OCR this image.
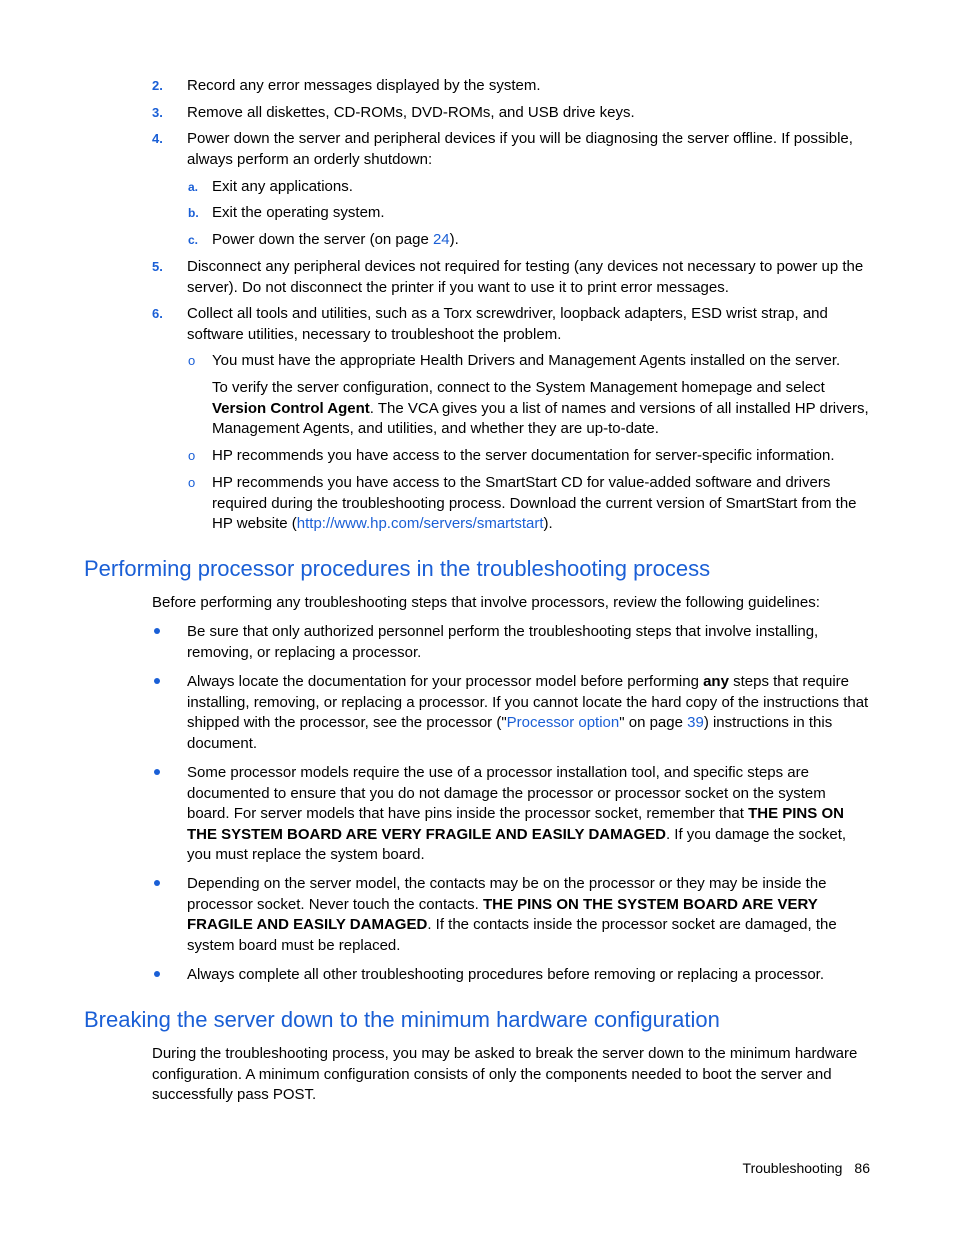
2. Record any error messages displayed by the system.
3. Remove all diskettes, CD-ROMs, DVD-ROMs, and USB drive keys.
4. Power down the server and peripheral devices if you will be diagnosing the server offline. If possible, always perform an orderly shutdown:
a. Exit any applications.
b. Exit the operating system.
c. Power down the server (on page 24).
5. Disconnect any peripheral devices not required for testing (any devices not necessary to power up the server). Do not disconnect the printer if you want to use it to print error messages.
6. Collect all tools and utilities, such as a Torx screwdriver, loopback adapters, ESD wrist strap, and software utilities, necessary to troubleshoot the problem.
o You must have the appropriate Health Drivers and Management Agents installed on the server.
To verify the server configuration, connect to the System Management homepage and select Version Control Agent. The VCA gives you a list of names and versions of all installed HP drivers, Management Agents, and utilities, and whether they are up-to-date.
o HP recommends you have access to the server documentation for server-specific information.
o HP recommends you have access to the SmartStart CD for value-added software and drivers required during the troubleshooting process. Download the current version of SmartStart from the HP website (http://www.hp.com/servers/smartstart).
Performing processor procedures in the troubleshooting process
Before performing any troubleshooting steps that involve processors, review the following guidelines:
Be sure that only authorized personnel perform the troubleshooting steps that involve installing, removing, or replacing a processor.
Always locate the documentation for your processor model before performing any steps that require installing, removing, or replacing a processor. If you cannot locate the hard copy of the instructions that shipped with the processor, see the processor ("Processor option" on page 39) instructions in this document.
Some processor models require the use of a processor installation tool, and specific steps are documented to ensure that you do not damage the processor or processor socket on the system board. For server models that have pins inside the processor socket, remember that THE PINS ON THE SYSTEM BOARD ARE VERY FRAGILE AND EASILY DAMAGED. If you damage the socket, you must replace the system board.
Depending on the server model, the contacts may be on the processor or they may be inside the processor socket. Never touch the contacts. THE PINS ON THE SYSTEM BOARD ARE VERY FRAGILE AND EASILY DAMAGED. If the contacts inside the processor socket are damaged, the system board must be replaced.
Always complete all other troubleshooting procedures before removing or replacing a processor.
Breaking the server down to the minimum hardware configuration
During the troubleshooting process, you may be asked to break the server down to the minimum hardware configuration. A minimum configuration consists of only the components needed to boot the server and successfully pass POST.
Troubleshooting 86
